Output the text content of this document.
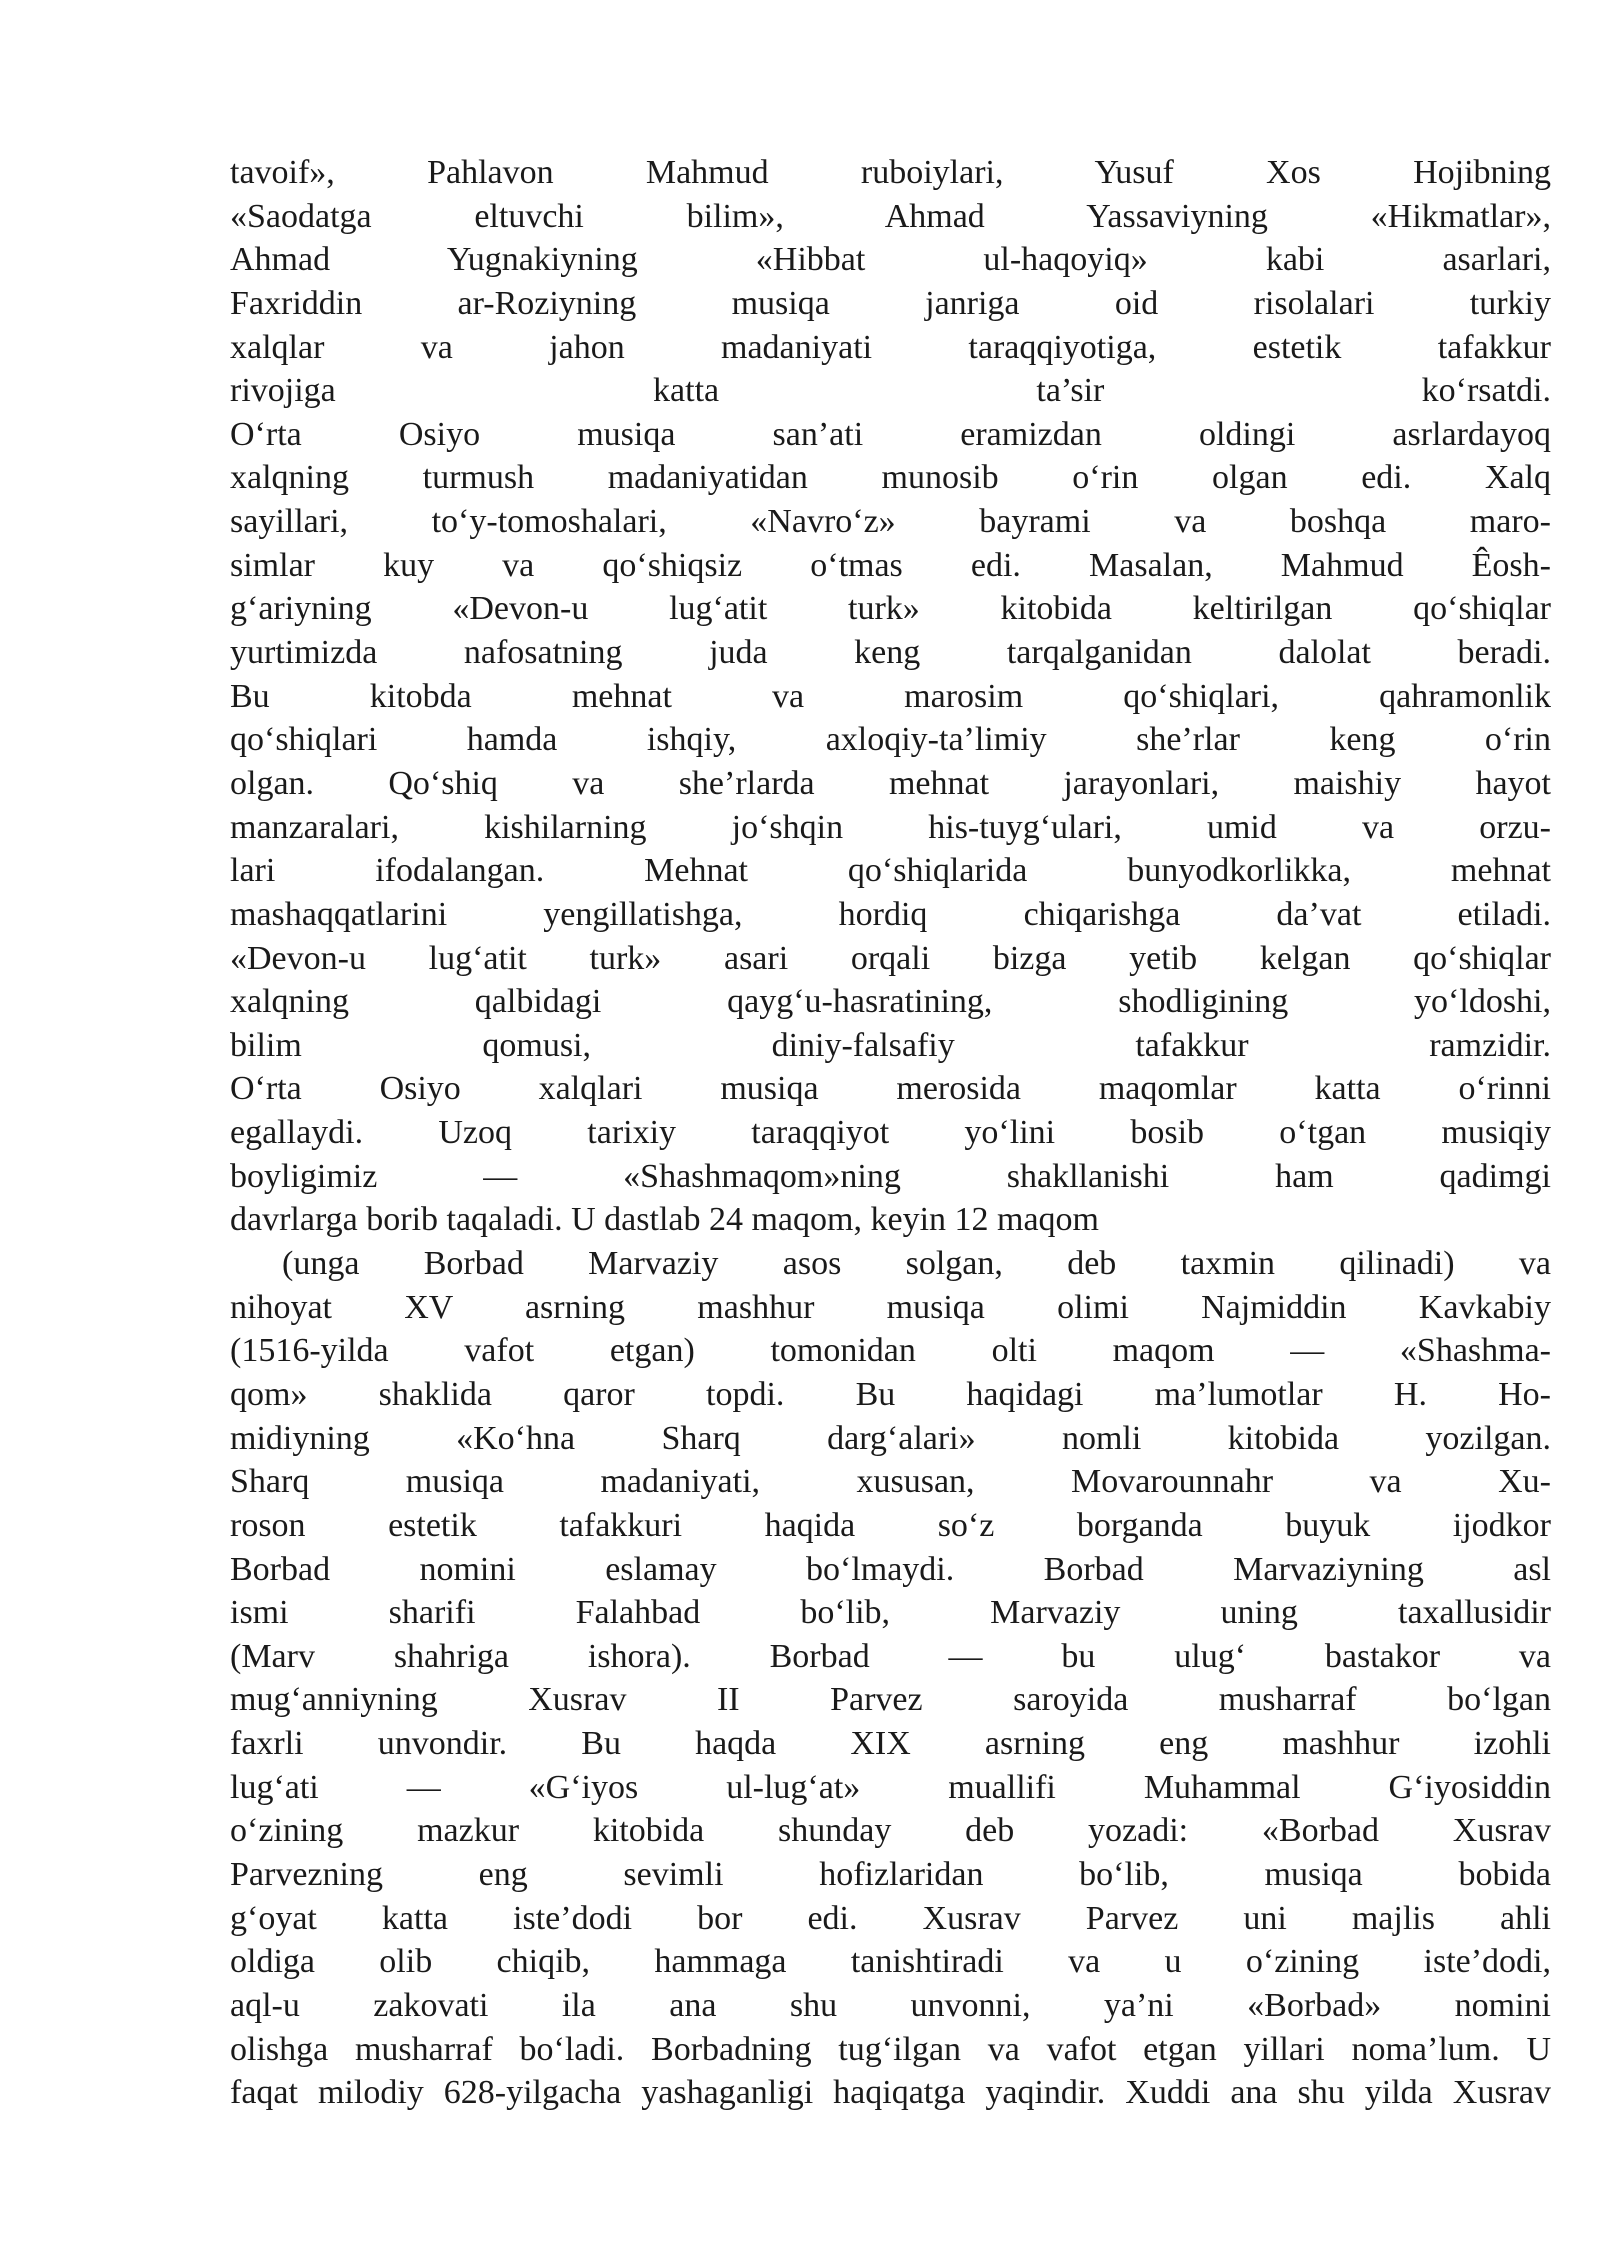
tavoif», Pahlavon Mahmud ruboiylari, Yusuf Xos Hojibning
«Saodatga eltuvchi bilim», Ahmad Yassaviyning «Hikmatlar»,
Ahmad Yugnakiyning «Hibbat ul-haqoyiq» kabi asarlari,
Faxriddin ar-Roziyning musiqa janriga oid risolalari turkiy
xalqlar va jahon madaniyati taraqqiyotiga, estetik tafakkur
rivojiga katta ta’sir ko‘rsatdi.
O‘rta Osiyo musiqa san’ati eramizdan oldingi asrlardayoq
xalqning turmush madaniyatidan munosib o‘rin olgan edi. Xalq
sayillari, to‘y-tomoshalari, «Navro‘z» bayrami va boshqa maro-
simlar kuy va qo‘shiqsiz o‘tmas edi. Masalan, Mahmud Êosh-
g‘ariyning «Devon-u lug‘atit turk» kitobida keltirilgan qo‘shiqlar
yurtimizda nafosatning juda keng tarqalganidan dalolat beradi.
Bu kitobda mehnat va marosim qo‘shiqlari, qahramonlik
qo‘shiqlari hamda ishqiy, axloqiy-ta’limiy she’rlar keng o‘rin
olgan. Qo‘shiq va she’rlarda mehnat jarayonlari, maishiy hayot
manzaralari, kishilarning jo‘shqin his-tuyg‘ulari, umid va orzu-
lari ifodalangan. Mehnat qo‘shiqlarida bunyodkorlikka, mehnat
mashaqqatlarini yengillatishga, hordiq chiqarishga da’vat etiladi.
«Devon-u lug‘atit turk» asari orqali bizga yetib kelgan qo‘shiqlar
xalqning qalbidagi qayg‘u-hasratining, shodligining yo‘ldoshi,
bilim qomusi, diniy-falsafiy tafakkur ramzidir.
O‘rta Osiyo xalqlari musiqa merosida maqomlar katta o‘rinni
egallaydi. Uzoq tarixiy taraqqiyot yo‘lini bosib o‘tgan musiqiy
boyligimiz — «Shashmaqom»ning shakllanishi ham qadimgi
davrlarga borib taqaladi. U dastlab 24 maqom, keyin 12 maqom
(unga Borbad Marvaziy asos solgan, deb taxmin qilinadi) va
nihoyat XV asrning mashhur musiqa olimi Najmiddin Kavkabiy
(1516-yilda vafot etgan) tomonidan olti maqom — «Shashma-
qom» shaklida qaror topdi. Bu haqidagi ma’lumotlar H. Ho-
midiyning «Ko‘hna Sharq darg‘alari» nomli kitobida yozilgan.
Sharq musiqa madaniyati, xususan, Movarounnahr va Xu-
roson estetik tafakkuri haqida so‘z borganda buyuk ijodkor
Borbad nomini eslamay bo‘lmaydi. Borbad Marvaziyning asl
ismi sharifi Falahbad bo‘lib, Marvaziy uning taxallusidir
(Marv shahriga ishora). Borbad — bu ulug‘ bastakor va
mug‘anniyning Xusrav II Parvez saroyida musharraf bo‘lgan
faxrli unvondir. Bu haqda XIX asrning eng mashhur izohli
lug‘ati — «G‘iyos ul-lug‘at» muallifi Muhammal G‘iyosiddin
o‘zining mazkur kitobida shunday deb yozadi: «Borbad Xusrav
Parvezning eng sevimli hofizlaridan bo‘lib, musiqa bobida
g‘oyat katta iste’dodi bor edi. Xusrav Parvez uni majlis ahli
oldiga olib chiqib, hammaga tanishtiradi va u o‘zining iste’dodi,
aql-u zakovati ila ana shu unvonni, ya’ni «Borbad» nomini
olishga musharraf bo‘ladi. Borbadning tug‘ilgan va vafot etgan yillari noma’lum. U
faqat milodiy 628-yilgacha yashaganligi haqiqatga yaqindir. Xuddi ana shu yilda Xusrav
